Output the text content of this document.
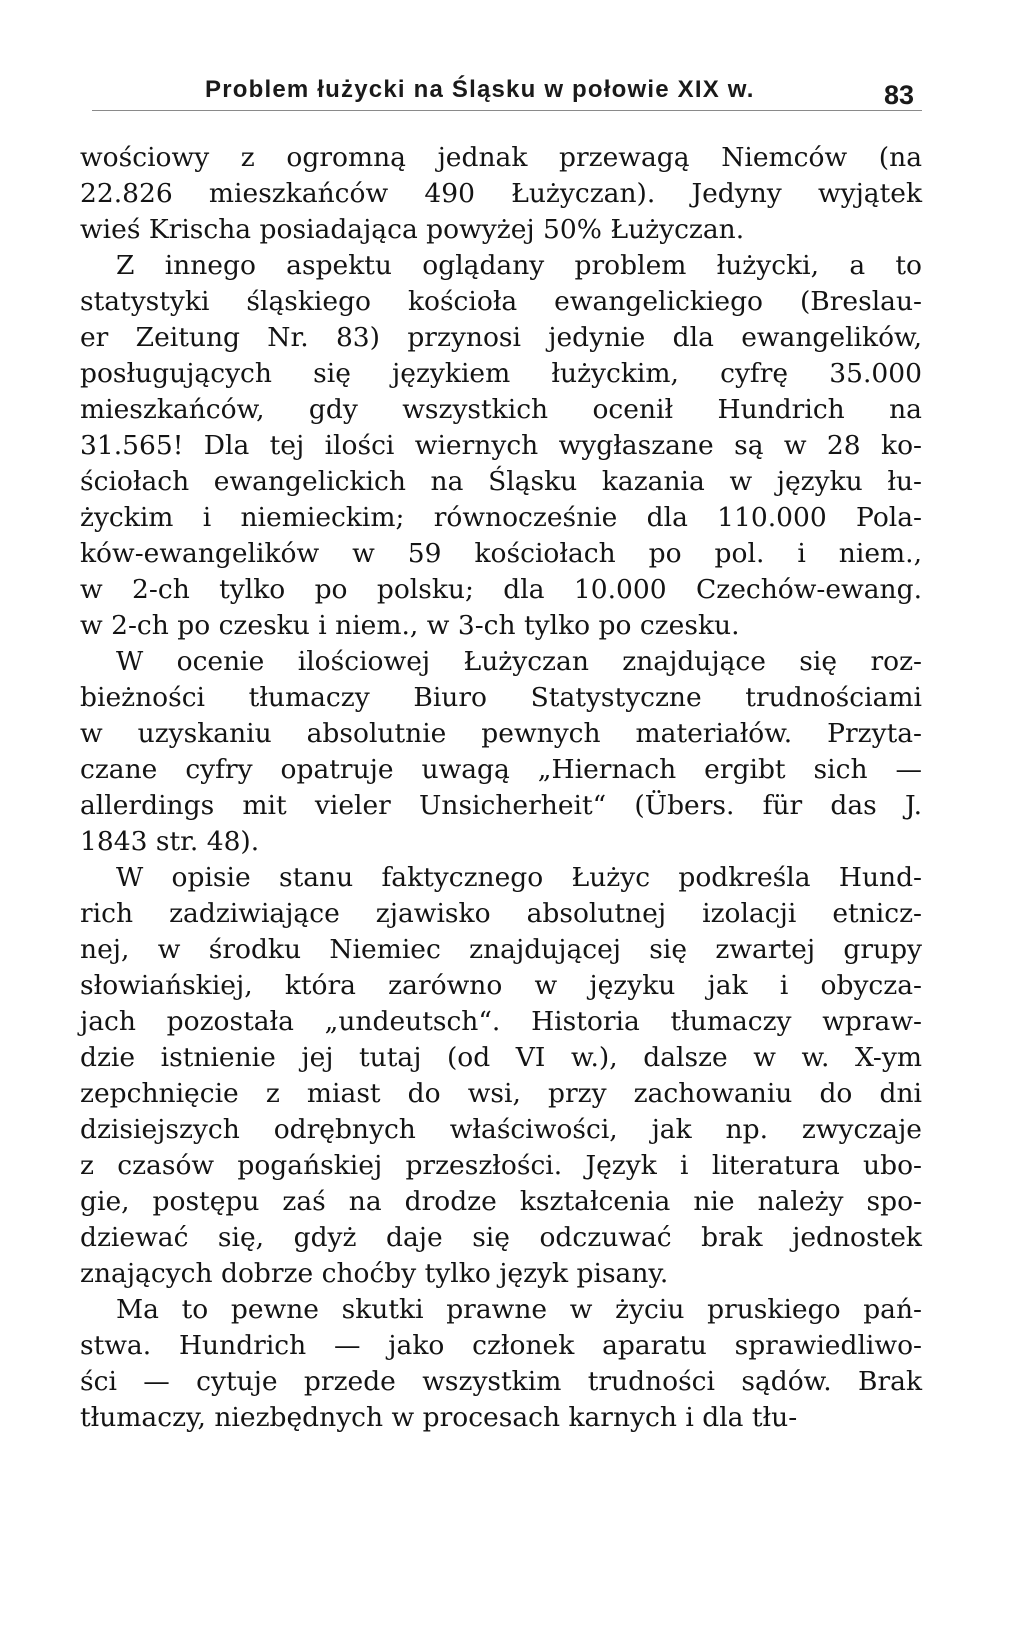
Problem łużycki na Śląsku w połowie XIX w.	83
wościowy z ogromną jednak przewagą Niemców (na
22.826 mieszkańców 490 Łużyczan). Jedyny wyjątek
wieś Krischa posiadająca powyżej 50% Łużyczan.
Z innego aspektu oglądany problem łużycki, a to
statystyki śląskiego kościoła ewangelickiego (Breslau-
er Zeitung Nr. 83) przynosi jedynie dla ewangelików,
posługujących się językiem łużyckim, cyfrę 35.000
mieszkańców, gdy wszystkich ocenił Hundrich na
31.565! Dla tej ilości wiernych wygłaszane są w 28 ko-
ściołach ewangelickich na Śląsku kazania w języku łu-
życkim i niemieckim; równocześnie dla 110.000 Pola-
ków-ewangelików w 59 kościołach po pol. i niem.,
w 2-ch tylko po polsku; dla 10.000 Czechów-ewang.
w 2-ch po czesku i niem., w 3-ch tylko po czesku.
W ocenie ilościowej Łużyczan znajdujące się roz-
bieżności tłumaczy Biuro Statystyczne trudnościami
w uzyskaniu absolutnie pewnych materiałów. Przyta-
czane cyfry opatruje uwagą „Hiernach ergibt sich —
allerdings mit vieler Unsicherheit“ (Übers. für das J.
1843 str. 48).
W opisie stanu faktycznego Łużyc podkreśla Hund-
rich zadziwiające zjawisko absolutnej izolacji etnicz-
nej, w środku Niemiec znajdującej się zwartej grupy
słowiańskiej, która zarówno w języku jak i obycza-
jach pozostała „undeutsch“. Historia tłumaczy wpraw-
dzie istnienie jej tutaj (od VI w.), dalsze w w. X-ym
zepchnięcie z miast do wsi, przy zachowaniu do dni
dzisiejszych odrębnych właściwości, jak np. zwyczaje
z czasów pogańskiej przeszłości. Język i literatura ubo-
gie, postępu zaś na drodze kształcenia nie należy spo-
dziewać się, gdyż daje się odczuwać brak jednostek
znających dobrze choćby tylko język pisany.
Ma to pewne skutki prawne w życiu pruskiego pań-
stwa. Hundrich — jako członek aparatu sprawiedliwo-
ści — cytuje przede wszystkim trudności sądów. Brak
tłumaczy, niezbędnych w procesach karnych i dla tłu-
